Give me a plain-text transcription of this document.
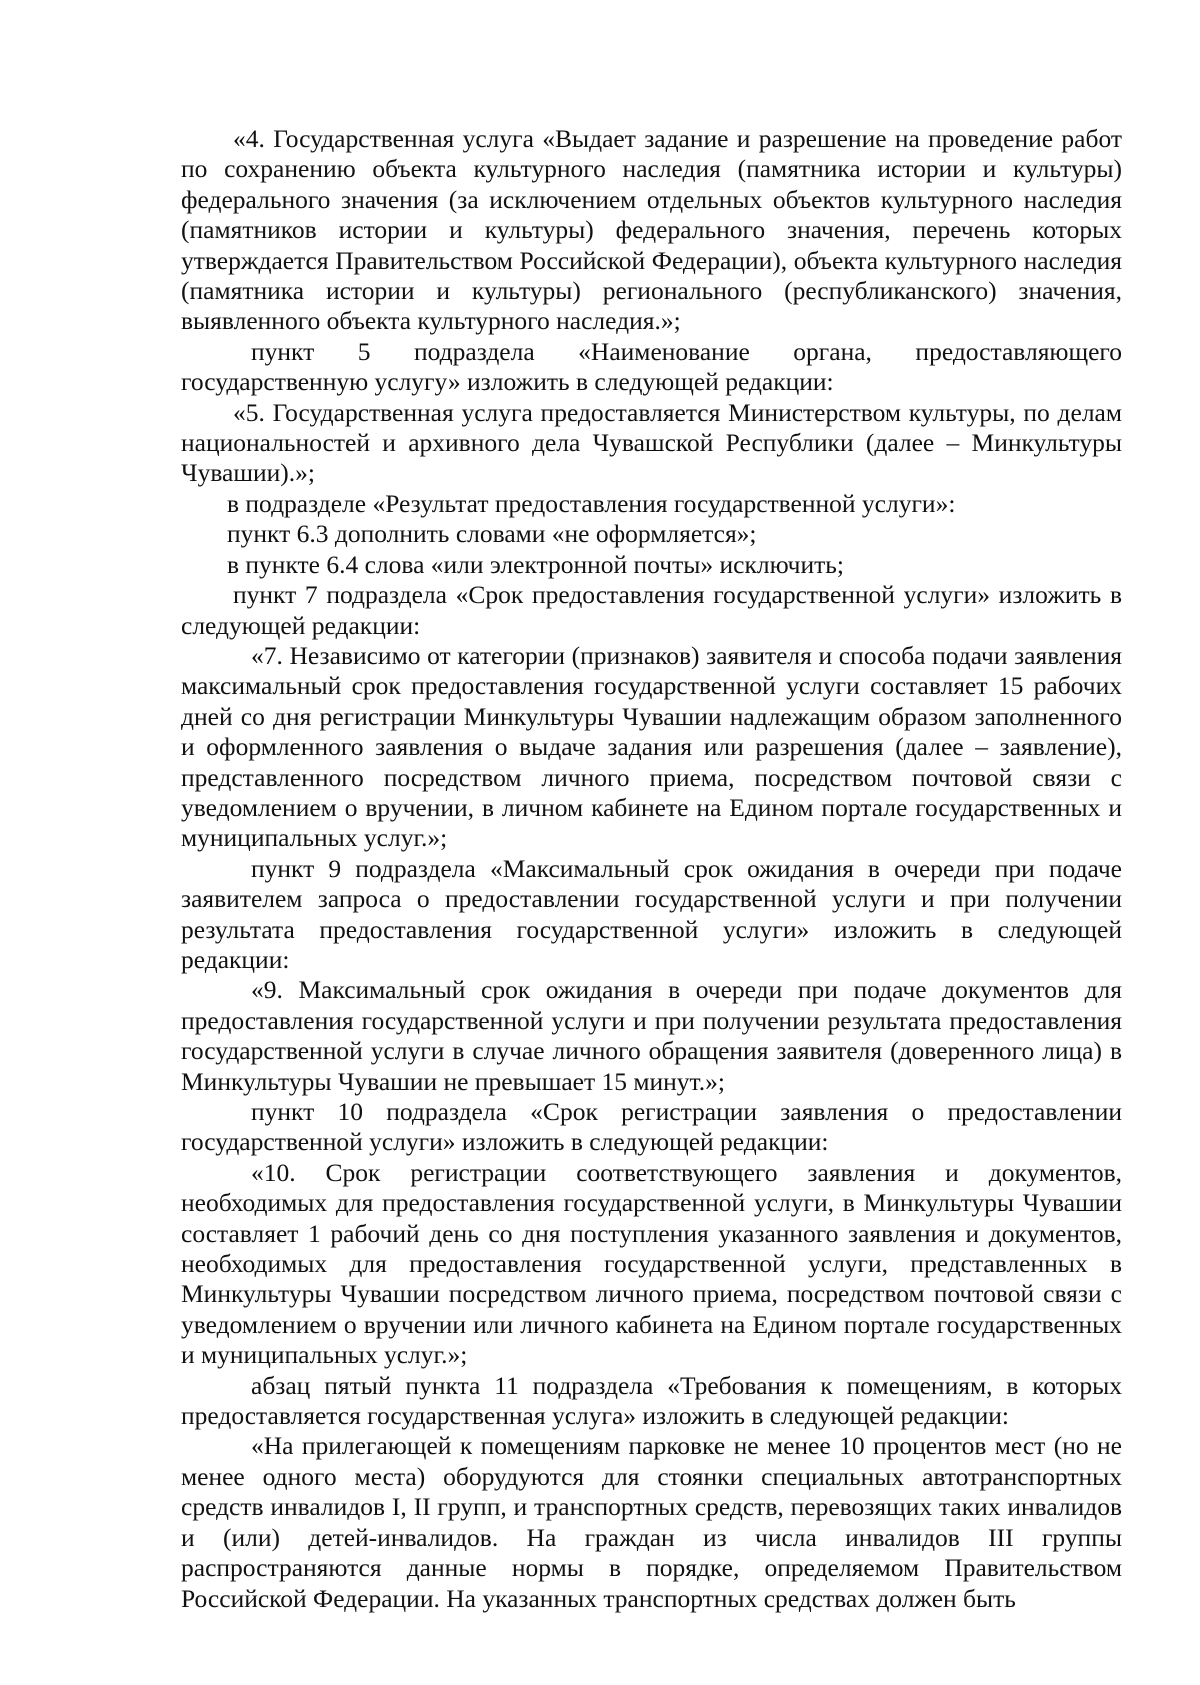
«4. Государственная услуга «Выдает задание и разрешение на проведение работ по сохранению объекта культурного наследия (памятника истории и культуры) федерального значения (за исключением отдельных объектов культурного наследия (памятников истории и культуры) федерального значения, перечень которых утверждается Правительством Российской Федерации), объекта культурного наследия (памятника истории и культуры) регионального (республиканского) значения, выявленного объекта культурного наследия.»;

пункт 5 подраздела «Наименование органа, предоставляющего государственную услугу» изложить в следующей редакции:

«5. Государственная услуга предоставляется Министерством культуры, по делам национальностей и архивного дела Чувашской Республики (далее – Минкультуры Чувашии).»;

в подразделе «Результат предоставления государственной услуги»:

пункт 6.3 дополнить словами «не оформляется»;

в пункте 6.4 слова «или электронной почты» исключить;

пункт 7 подраздела «Срок предоставления государственной услуги» изложить в следующей редакции:

«7. Независимо от категории (признаков) заявителя и способа подачи заявления максимальный срок предоставления государственной услуги составляет 15 рабочих дней со дня регистрации Минкультуры Чувашии надлежащим образом заполненного и оформленного заявления о выдаче задания или разрешения (далее – заявление), представленного посредством личного приема, посредством почтовой связи с уведомлением о вручении, в личном кабинете на Едином портале государственных и муниципальных услуг.»;

пункт 9 подраздела «Максимальный срок ожидания в очереди при подаче заявителем запроса о предоставлении государственной услуги и при получении результата предоставления государственной услуги» изложить в следующей редакции:

«9. Максимальный срок ожидания в очереди при подаче документов для предоставления государственной услуги и при получении результата предоставления государственной услуги в случае личного обращения заявителя (доверенного лица) в Минкультуры Чувашии не превышает 15 минут.»;

пункт 10 подраздела «Срок регистрации заявления о предоставлении государственной услуги» изложить в следующей редакции:

«10. Срок регистрации соответствующего заявления и документов, необходимых для предоставления государственной услуги, в Минкультуры Чувашии составляет 1 рабочий день со дня поступления указанного заявления и документов, необходимых для предоставления государственной услуги, представленных в Минкультуры Чувашии посредством личного приема, посредством почтовой связи с уведомлением о вручении или личного кабинета на Едином портале государственных и муниципальных услуг.»;

абзац пятый пункта 11 подраздела «Требования к помещениям, в которых предоставляется государственная услуга» изложить в следующей редакции:

«На прилегающей к помещениям парковке не менее 10 процентов мест (но не менее одного места) оборудуются для стоянки специальных автотранспортных средств инвалидов I, II групп, и транспортных средств, перевозящих таких инвалидов и (или) детей-инвалидов. На граждан из числа инвалидов III группы распространяются данные нормы в порядке, определяемом Правительством Российской Федерации. На указанных транспортных средствах должен быть
